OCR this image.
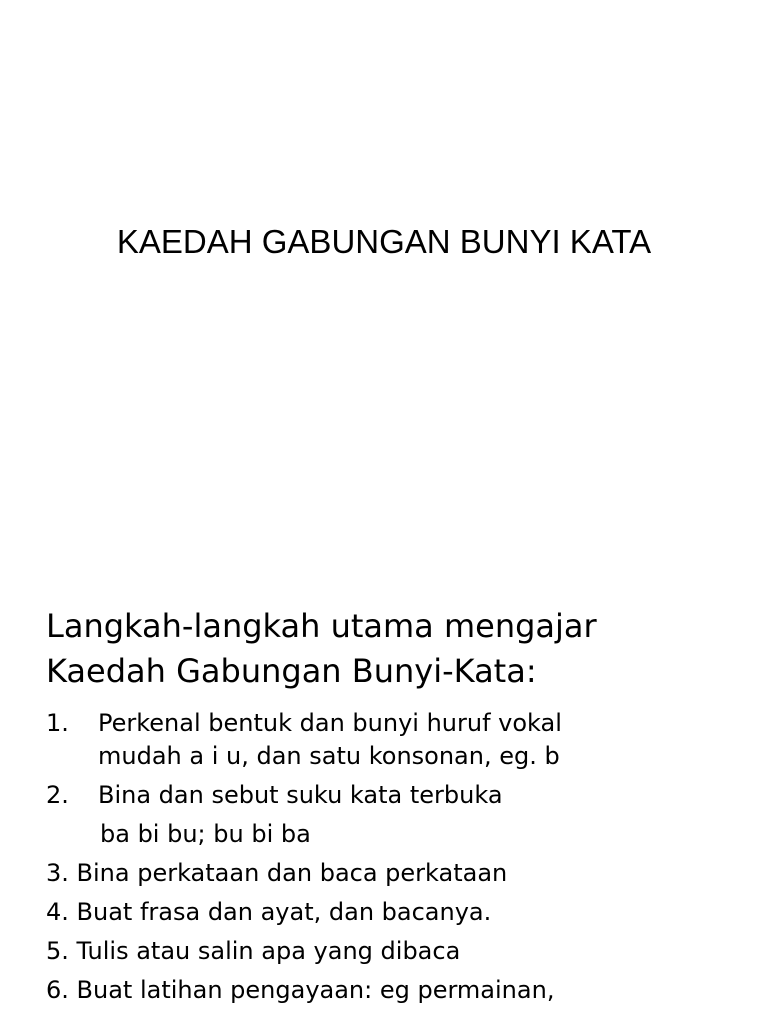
KAEDAH GABUNGAN BUNYI KATA
Langkah-langkah utama mengajar
Kaedah Gabungan Bunyi-Kata:
1. Perkenal bentuk dan bunyi huruf vokal
mudah a i u, dan satu konsonan, eg. b
2. Bina dan sebut suku kata terbuka
ba bi bu; bu bi ba
3. Bina perkataan dan baca perkataan
4. Buat frasa dan ayat, dan bacanya.
5. Tulis atau salin apa yang dibaca
6. Buat latihan pengayaan: eg permainan,
